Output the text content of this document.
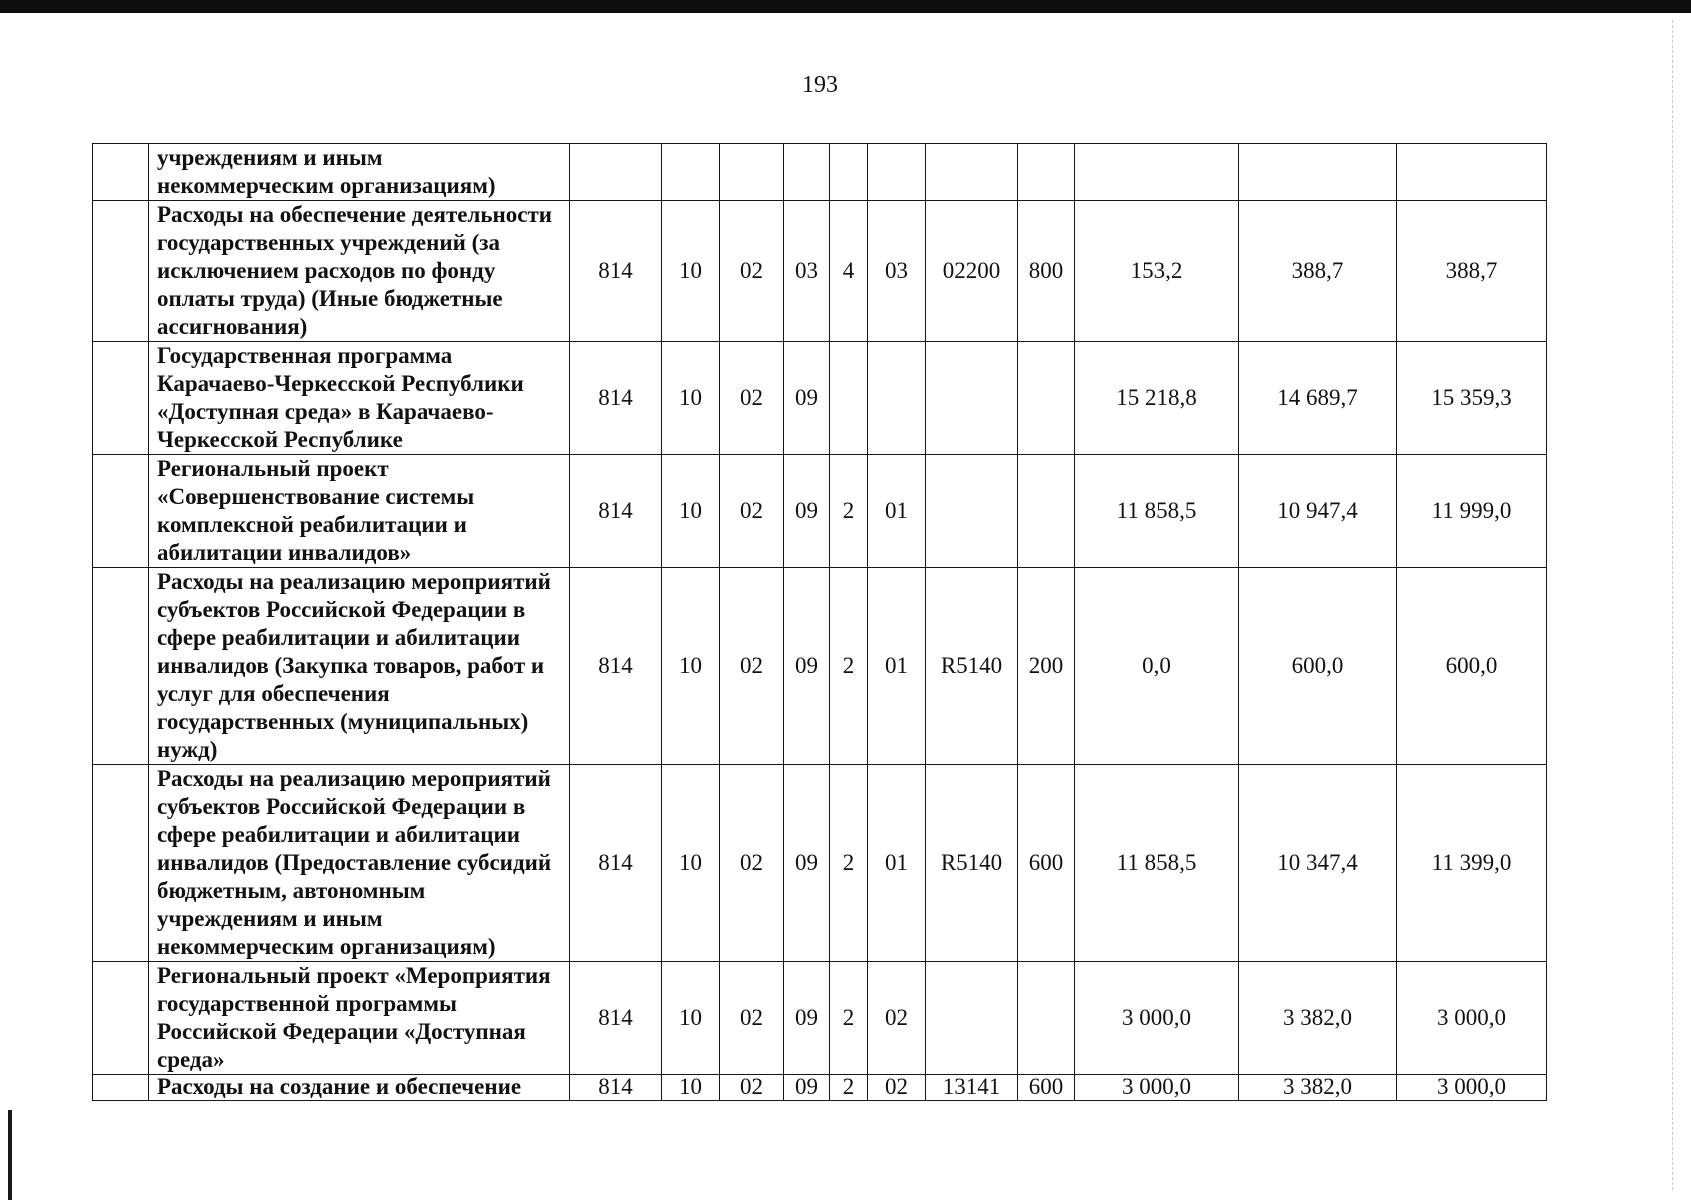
193
	учреждениям и иным некоммерческим организациям)											
	Расходы на обеспечение деятельности государственных учреждений (за исключением расходов по фонду оплаты труда) (Иные бюджетные ассигнования)	814	10	02	03	4	03	02200	800	153,2	388,7	388,7
	Государственная программа Карачаево-Черкесской Республики «Доступная среда» в Карачаево-Черкесской Республике	814	10	02	09					15 218,8	14 689,7	15 359,3
	Региональный проект «Совершенствование системы комплексной реабилитации и абилитации инвалидов»	814	10	02	09	2	01			11 858,5	10 947,4	11 999,0
	Расходы на реализацию мероприятий субъектов Российской Федерации в сфере реабилитации и абилитации инвалидов (Закупка товаров, работ и услуг для обеспечения государственных (муниципальных) нужд)	814	10	02	09	2	01	R5140	200	0,0	600,0	600,0
	Расходы на реализацию мероприятий субъектов Российской Федерации в сфере реабилитации и абилитации инвалидов (Предоставление субсидий бюджетным, автономным учреждениям и иным некоммерческим организациям)	814	10	02	09	2	01	R5140	600	11 858,5	10 347,4	11 399,0
	Региональный проект «Мероприятия государственной программы Российской Федерации «Доступная среда»	814	10	02	09	2	02			3 000,0	3 382,0	3 000,0
	Расходы на создание и обеспечение	814	10	02	09	2	02	13141	600	3 000,0	3 382,0	3 000,0
